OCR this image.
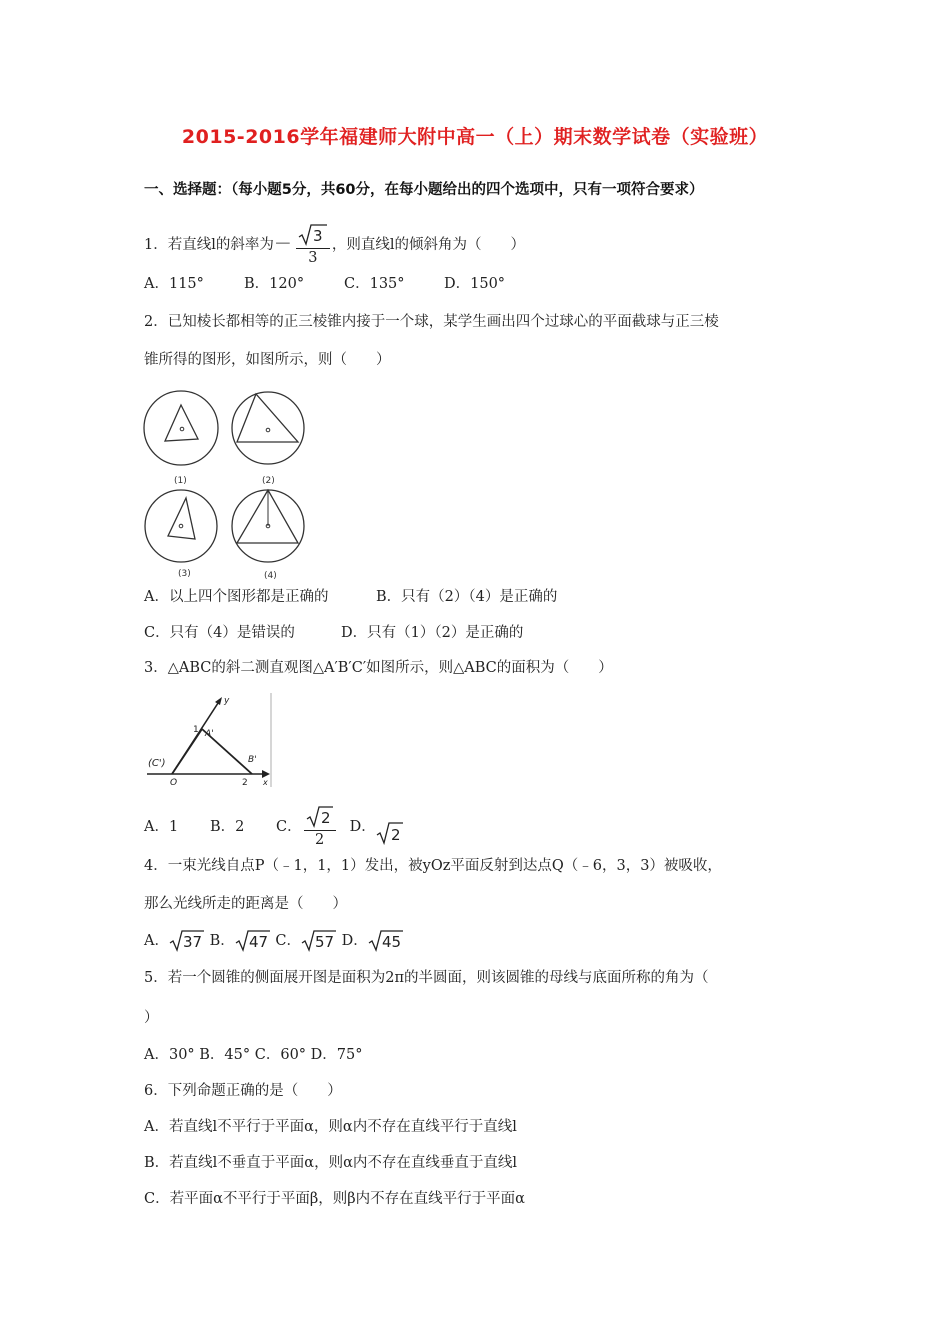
2015-2016学年福建师大附中高一（上）期末数学试卷（实验班）
一、选择题：（每小题5分，共60分，在每小题给出的四个选项中，只有一项符合要求）
1．若直线l的斜率为－ $\frac{3}{3}$ ，则直线l的倾斜角为（　　）
A．115°	B．120°	C．135°	D．150°
2．已知棱长都相等的正三棱锥内接于一个球，某学生画出四个过球心的平面截球与正三棱
锥所得的图形，如图所示，则（　　）
(1)	(2)
(3)	(4)
A．以上四个图形都是正确的	B．只有（2）（4）是正确的
C．只有（4）是错误的	D．只有（1）（2）是正确的
3．△ABC的斜二测直观图△A′B′C′如图所示，则△ABC的面积为（　　）
y
1 A'
B'
(C')
O	2 x
A．1 B．2 C． $\frac{2}{2}$ D． 2
4．一束光线自点P（﹣1，1，1）发出，被yOz平面反射到达点Q（﹣6，3，3）被吸收，
那么光线所走的距离是（　　）
A． 37 B． 47 C． 57 D． 45
5．若一个圆锥的侧面展开图是面积为2π的半圆面，则该圆锥的母线与底面所称的角为（
）
A．30° B．45° C．60° D．75°
6．下列命题正确的是（　　）
A．若直线l不平行于平面α，则α内不存在直线平行于直线l
B．若直线l不垂直于平面α，则α内不存在直线垂直于直线l
C．若平面α不平行于平面β，则β内不存在直线平行于平面α
